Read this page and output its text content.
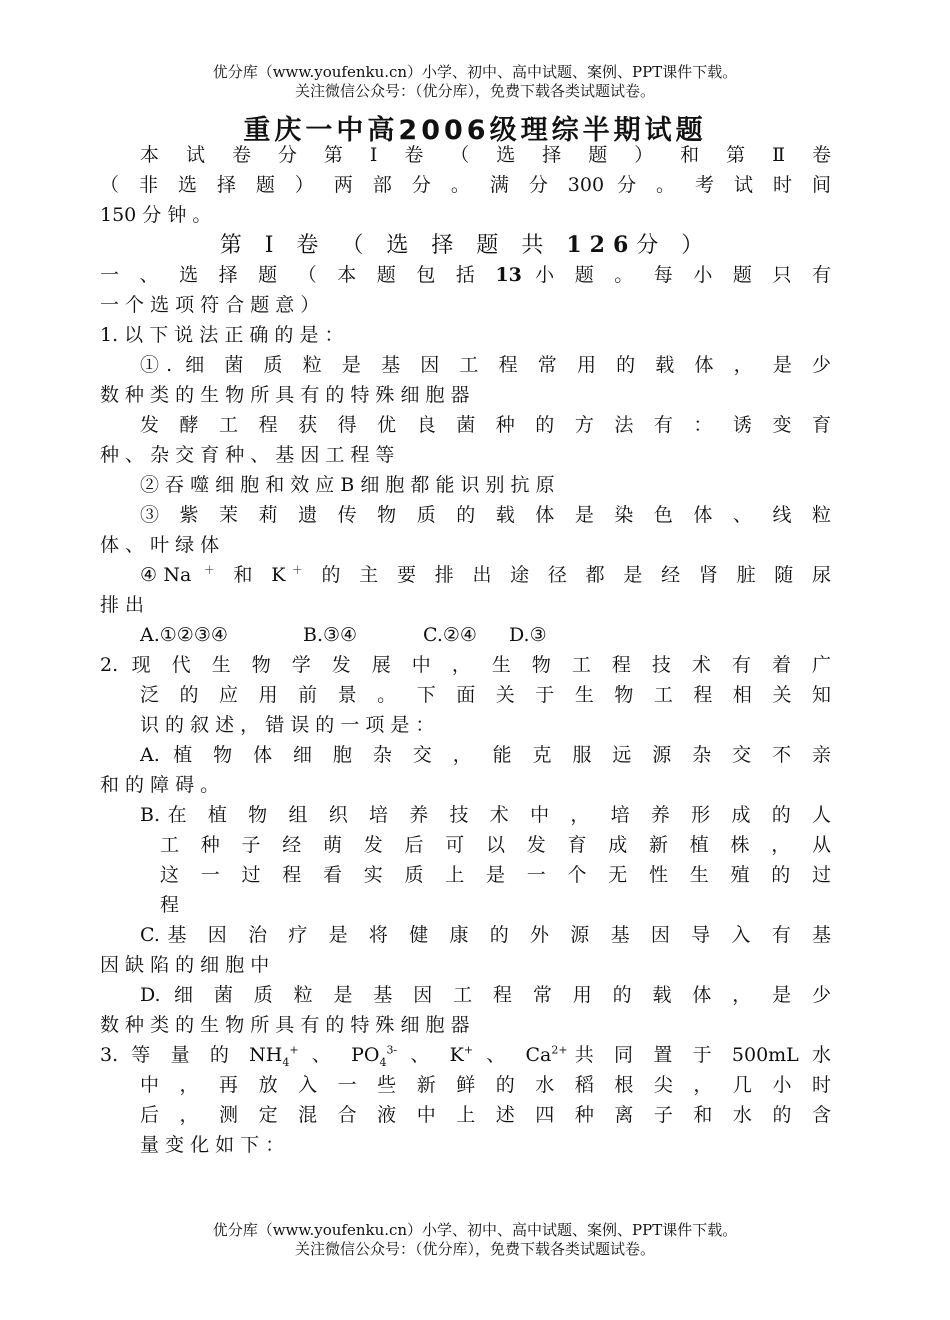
优分库（www.youfenku.cn）小学、初中、高中试题、案例、PPT课件下载。
关注微信公众号：（优分库），免费下载各类试题试卷。
重庆一中高2006级理综半期试题
本 试 卷 分 第 Ⅰ 卷 （ 选 择 题 ） 和 第 Ⅱ 卷
（ 非 选 择 题 ） 两 部 分 。 满 分 300 分 。 考 试 时 间
150 分 钟 。
第 Ⅰ 卷 （ 选 择 题 共 126分 ）
一 、 选 择 题 （ 本 题 包 括 13 小 题 。 每 小 题 只 有
一 个 选 项 符 合 题 意 ）
1. 以 下 说 法 正 确 的 是 ：
①. 细 菌 质 粒 是 基 因 工 程 常 用 的 载 体 ， 是 少
数 种 类 的 生 物 所 具 有 的 特 殊 细 胞 器
发 酵 工 程 获 得 优 良 菌 种 的 方 法 有 ： 诱 变 育
种 、 杂 交 育 种 、 基 因 工 程 等
② 吞 噬 细 胞 和 效 应 B 细 胞 都 能 识 别 抗 原
③ 紫 茉 莉 遗 传 物 质 的 载 体 是 染 色 体 、 线 粒
体 、 叶 绿 体
④Na ＋ 和 K＋ 的 主 要 排 出 途 径 都 是 经 肾 脏 随 尿
排 出
A.①②③④	B.③④	C.②④ D.③
2. 现 代 生 物 学 发 展 中 ， 生 物 工 程 技 术 有 着 广
泛 的 应 用 前 景 。 下 面 关 于 生 物 工 程 相 关 知
识 的 叙 述 ， 错 误 的 一 项 是 ：
A. 植 物 体 细 胞 杂 交 ， 能 克 服 远 源 杂 交 不 亲
和 的 障 碍 。
B.在 植 物 组 织 培 养 技 术 中 ， 培 养 形 成 的 人
工 种 子 经 萌 发 后 可 以 发 育 成 新 植 株 ， 从
这 一 过 程 看 实 质 上 是 一 个 无 性 生 殖 的 过
程
C.基 因 治 疗 是 将 健 康 的 外 源 基 因 导 入 有 基
因 缺 陷 的 细 胞 中
D. 细 菌 质 粒 是 基 因 工 程 常 用 的 载 体 ， 是 少
数 种 类 的 生 物 所 具 有 的 特 殊 细 胞 器
3. 等 量 的 $NH_4^+$ 、 $PO_4^{3-}$ 、 K+ 、 $Ca^{2+}$共 同 置 于 500mL 水
中 ， 再 放 入 一 些 新 鲜 的 水 稻 根 尖 ， 几 小 时
后 ， 测 定 混 合 液 中 上 述 四 种 离 子 和 水 的 含
量 变 化 如 下 ：
优分库（www.youfenku.cn）小学、初中、高中试题、案例、PPT课件下载。
关注微信公众号：（优分库），免费下载各类试题试卷。
